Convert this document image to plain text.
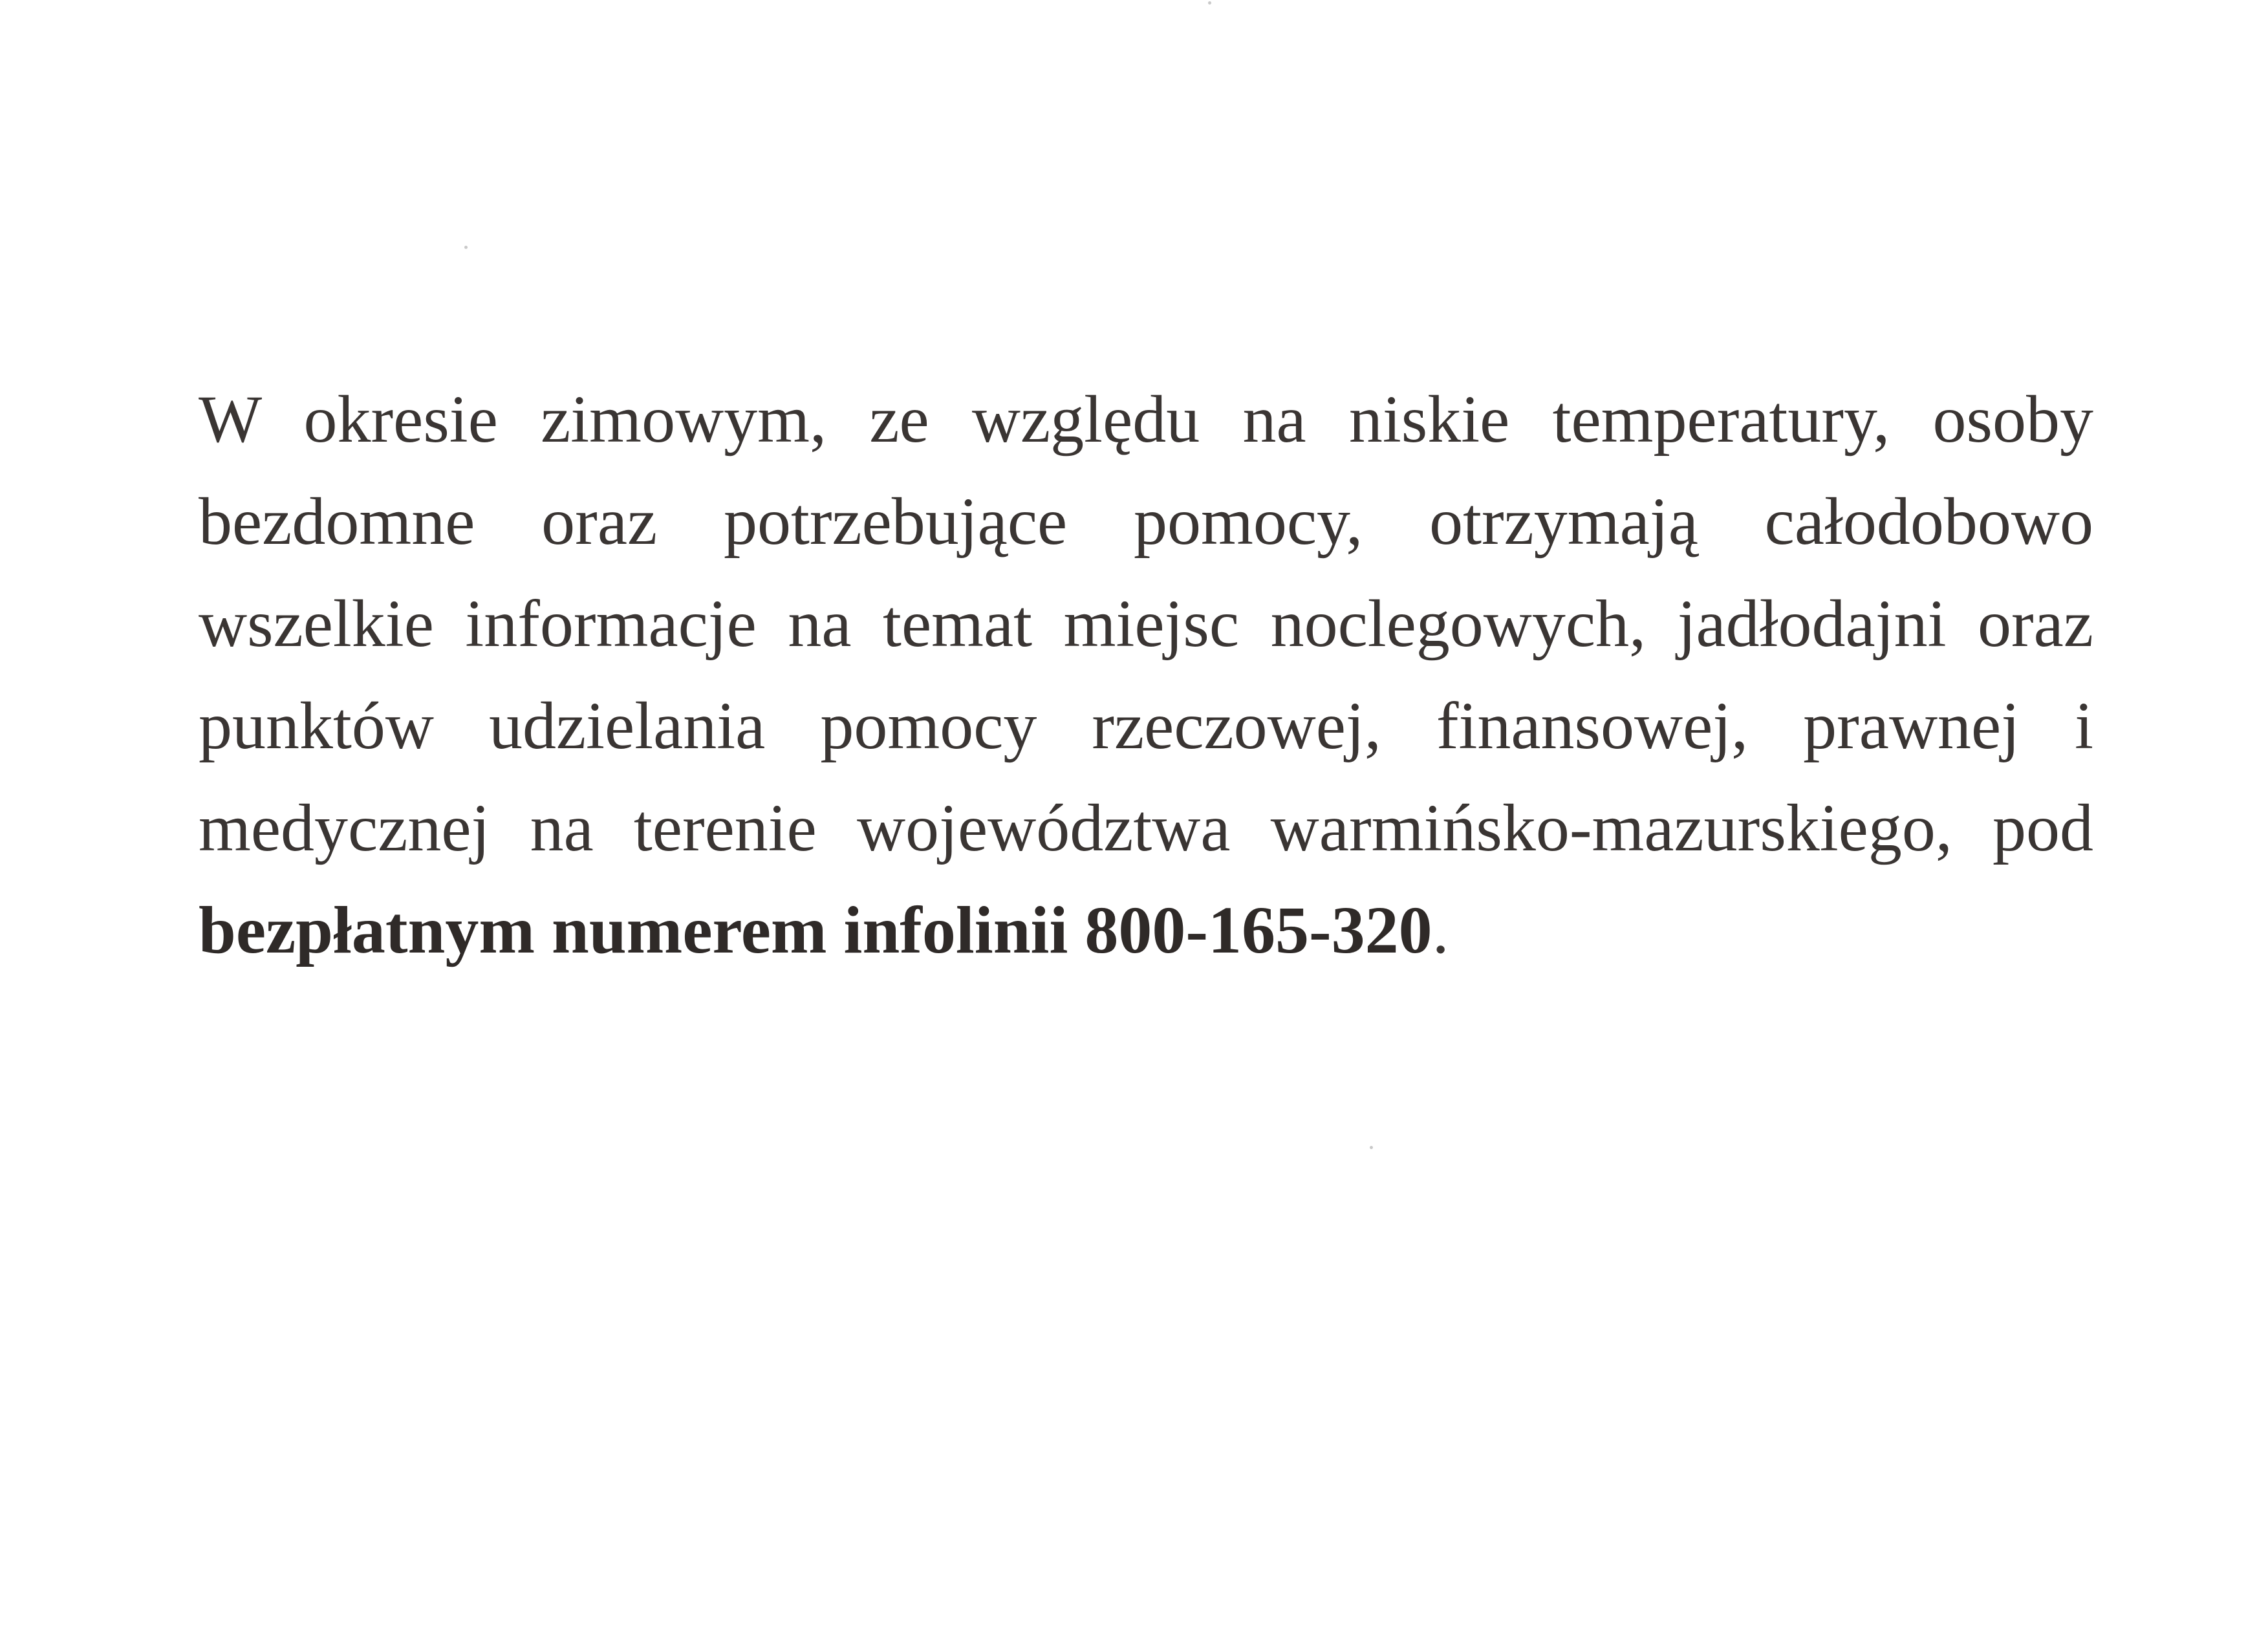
W okresie zimowym, ze względu na niskie temperatury, osoby bezdomne oraz potrzebujące pomocy, otrzymają całodobowo wszelkie informacje na temat miejsc noclegowych, jadłodajni oraz punktów udzielania pomocy rzeczowej, finansowej, prawnej i medycznej na terenie województwa warmińsko-mazurskiego, pod bezpłatnym numerem infolinii 800-165-320.
